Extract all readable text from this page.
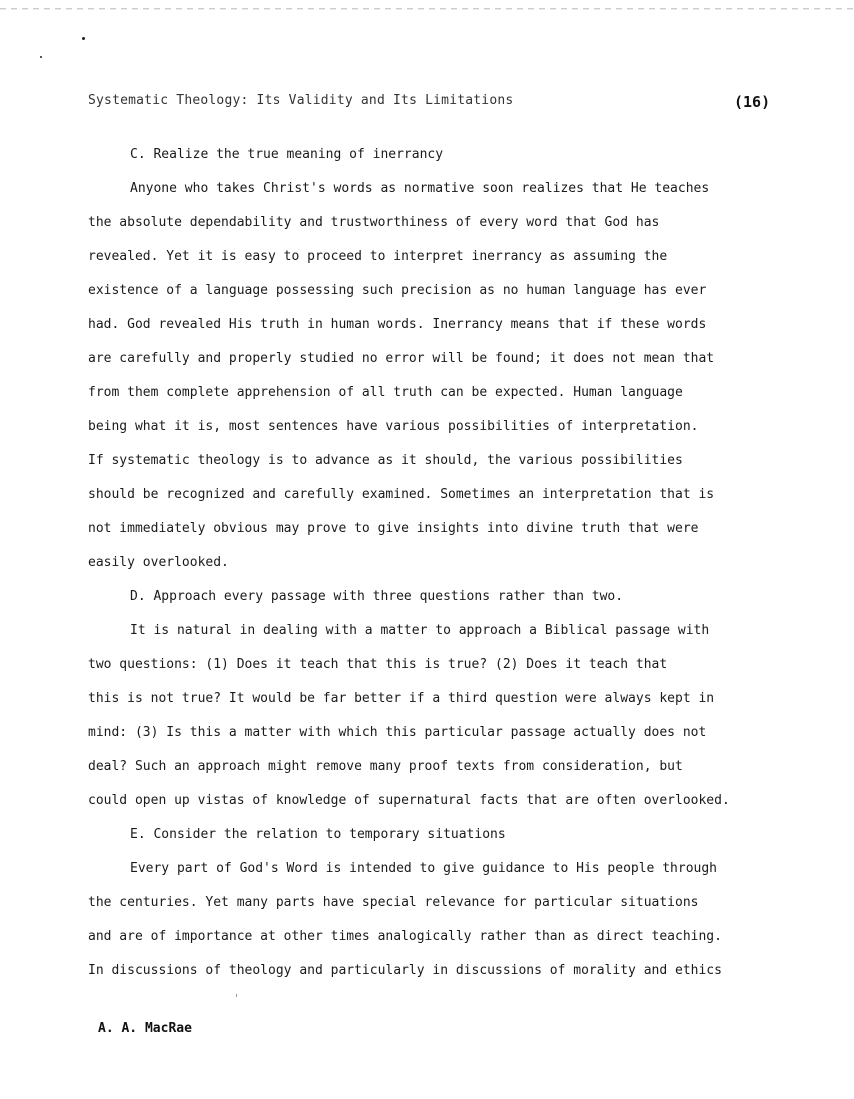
Systematic Theology: Its Validity and Its Limitations	(16)
C. Realize the true meaning of inerrancy
Anyone who takes Christ's words as normative soon realizes that He teaches
the absolute dependability and trustworthiness of every word that God has
revealed. Yet it is easy to proceed to interpret inerrancy as assuming the
existence of a language possessing such precision as no human language has ever
had. God revealed His truth in human words. Inerrancy means that if these words
are carefully and properly studied no error will be found; it does not mean that
from them complete apprehension of all truth can be expected. Human language
being what it is, most sentences have various possibilities of interpretation.
If systematic theology is to advance as it should, the various possibilities
should be recognized and carefully examined. Sometimes an interpretation that is
not immediately obvious may prove to give insights into divine truth that were
easily overlooked.
D. Approach every passage with three questions rather than two.
It is natural in dealing with a matter to approach a Biblical passage with
two questions: (1) Does it teach that this is true? (2) Does it teach that
this is not true? It would be far better if a third question were always kept in
mind: (3) Is this a matter with which this particular passage actually does not
deal? Such an approach might remove many proof texts from consideration, but
could open up vistas of knowledge of supernatural facts that are often overlooked.
E. Consider the relation to temporary situations
Every part of God's Word is intended to give guidance to His people through
the centuries. Yet many parts have special relevance for particular situations
and are of importance at other times analogically rather than as direct teaching.
In discussions of theology and particularly in discussions of morality and ethics
A. A. MacRae
